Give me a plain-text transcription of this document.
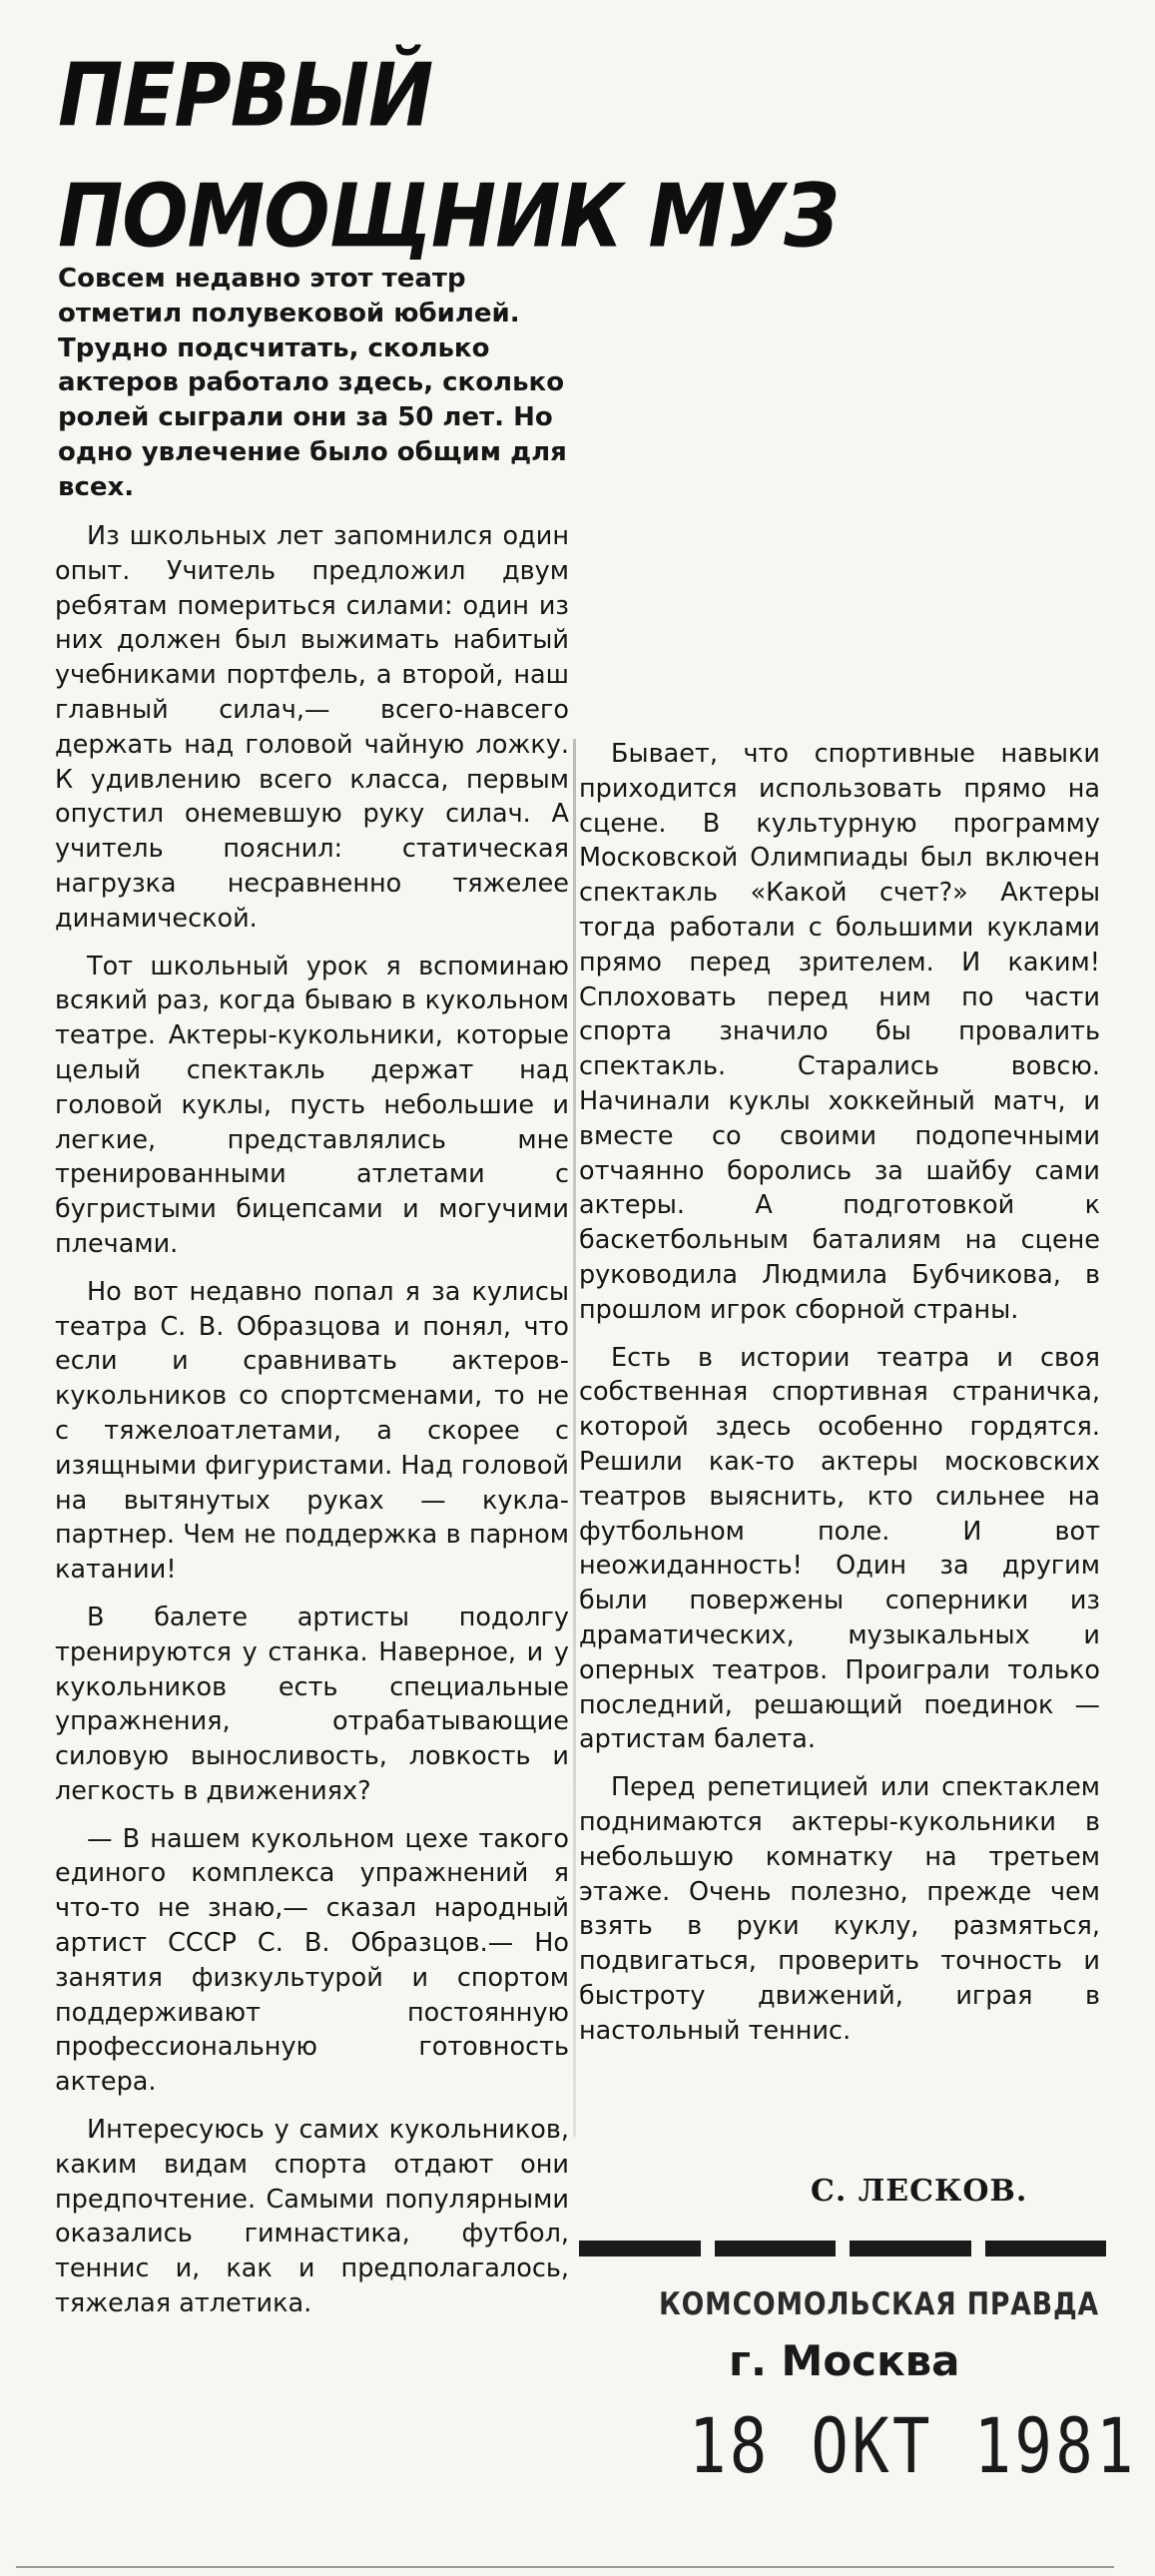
ПЕРВЫЙ
ПОМОЩНИК МУЗ
Совсем недавно этот театр отметил полувековой юбилей. Трудно подсчитать, сколько актеров работало здесь, сколько ролей сыграли они за 50 лет. Но одно увлечение было общим для всех.

Из школьных лет запомнился один опыт. Учитель предложил двум ребятам помериться силами: один из них должен был выжимать набитый учебниками портфель, а второй, наш главный силач,— всего-навсего держать над головой чайную ложку. К удивлению всего класса, первым опустил онемевшую руку силач. А учитель пояснил: статическая нагрузка несравненно тяжелее динамической.

Тот школьный урок я вспоминаю всякий раз, когда бываю в кукольном театре. Актеры-кукольники, которые целый спектакль держат над головой куклы, пусть небольшие и легкие, представлялись мне тренированными атлетами с бугристыми бицепсами и могучими плечами.

Но вот недавно попал я за кулисы театра С. В. Образцова и понял, что если и сравнивать актеров-кукольников со спортсменами, то не с тяжелоатлетами, а скорее с изящными фигуристами. Над головой на вытянутых руках — кукла-партнер. Чем не поддержка в парном катании!

В балете артисты подолгу тренируются у станка. Наверное, и у кукольников есть специальные упражнения, отрабатывающие силовую выносливость, ловкость и легкость в движениях?

— В нашем кукольном цехе такого единого комплекса упражнений я что-то не знаю,— сказал народный артист СССР С. В. Образцов.— Но занятия физкультурой и спортом поддерживают постоянную профессиональную готовность актера.

Интересуюсь у самих кукольников, каким видам спорта отдают они предпочтение. Самыми популярными оказались гимнастика, футбол, теннис и, как и предполагалось, тяжелая атлетика.

Бывает, что спортивные навыки приходится использовать прямо на сцене. В культурную программу Московской Олимпиады был включен спектакль «Какой счет?» Актеры тогда работали с большими куклами прямо перед зрителем. И каким! Сплоховать перед ним по части спорта значило бы провалить спектакль. Старались вовсю. Начинали куклы хоккейный матч, и вместе со своими подопечными отчаянно боролись за шайбу сами актеры. А подготовкой к баскетбольным баталиям на сцене руководила Людмила Бубчикова, в прошлом игрок сборной страны.

Есть в истории театра и своя собственная спортивная страничка, которой здесь особенно гордятся. Решили как-то актеры московских театров выяснить, кто сильнее на футбольном поле. И вот неожиданность! Один за другим были повержены соперники из драматических, музыкальных и оперных театров. Проиграли только последний, решающий поединок — артистам балета.

Перед репетицией или спектаклем поднимаются актеры-кукольники в небольшую комнатку на третьем этаже. Очень полезно, прежде чем взять в руки куклу, размяться, подвигаться, проверить точность и быстроту движений, играя в настольный теннис.

С. ЛЕСКОВ.
КОМСОМОЛЬСКАЯ ПРАВДА
г. Москва
18 ОКТ 1981
